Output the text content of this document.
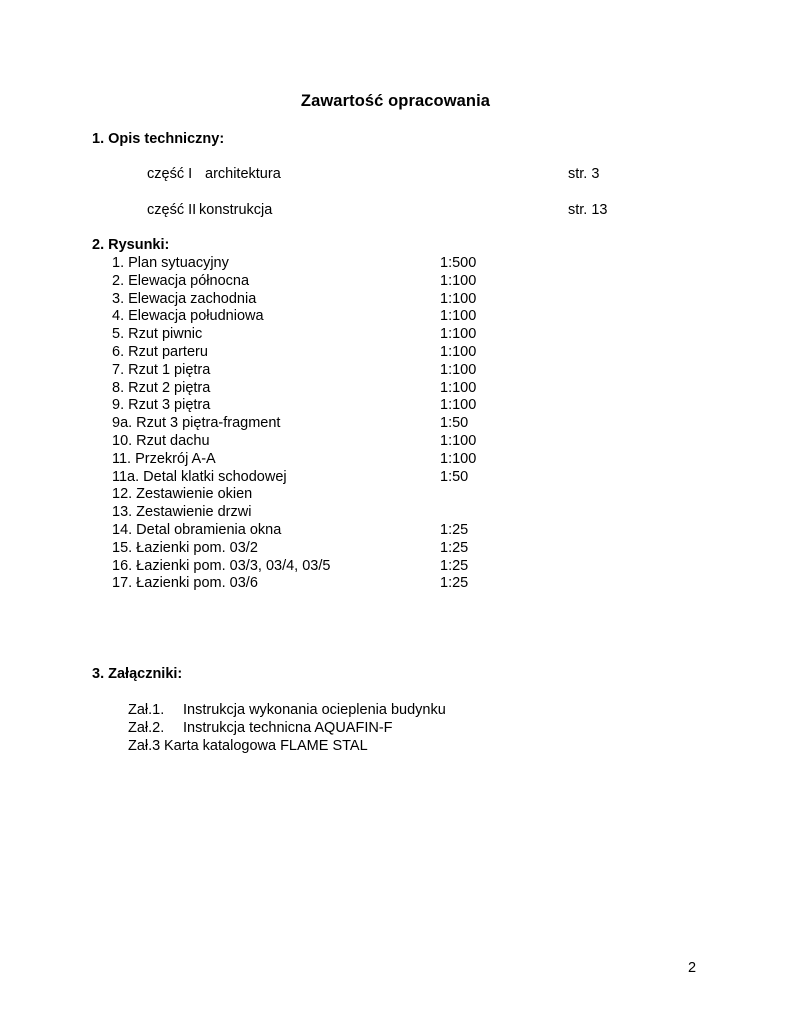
Zawartość opracowania
1. Opis techniczny:
część I architektura	str. 3
część II konstrukcja	str. 13
2. Rysunki:
1. Plan sytuacyjny	1:500
2. Elewacja północna	1:100
3. Elewacja zachodnia	1:100
4. Elewacja południowa	1:100
5. Rzut piwnic	1:100
6. Rzut parteru	1:100
7. Rzut 1 piętra	1:100
8. Rzut 2 piętra	1:100
9. Rzut 3 piętra	1:100
9a. Rzut 3 piętra-fragment	1:50
10. Rzut dachu	1:100
11. Przekrój A-A	1:100
11a. Detal klatki schodowej	1:50
12. Zestawienie okien
13. Zestawienie drzwi
14. Detal obramienia okna	1:25
15. Łazienki pom. 03/2	1:25
16. Łazienki pom. 03/3, 03/4, 03/5	1:25
17. Łazienki pom. 03/6	1:25
3. Załączniki:
Zał.1. Instrukcja wykonania ocieplenia budynku
Zał.2. Instrukcja technicna AQUAFIN-F
Zał.3 Karta katalogowa FLAME STAL
2
